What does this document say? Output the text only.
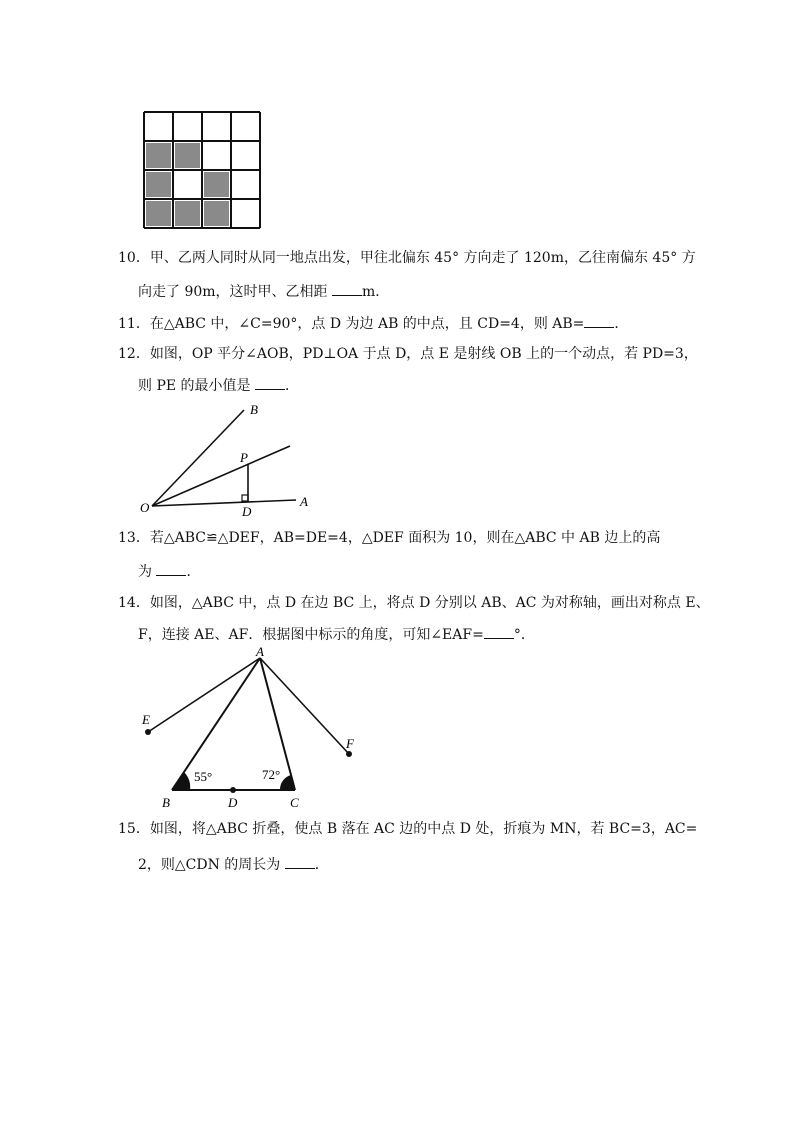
10．甲、乙两人同时从同一地点出发，甲往北偏东 45° 方向走了 120m，乙往南偏东 45° 方
向走了 90m，这时甲、乙相距 m．
11．在△ABC 中，∠C=90°，点 D 为边 AB 的中点，且 CD=4，则 AB= ．
12．如图，OP 平分∠AOB，PD⊥OA 于点 D，点 E 是射线 OB 上的一个动点，若 PD=3，
则 PE 的最小值是 ．
B
P
O	D
A
13．若△ABC≌△DEF，AB=DE=4，△DEF 面积为 10，则在△ABC 中 AB 边上的高
为 ．
14．如图，△ABC 中，点 D 在边 BC 上，将点 D 分别以 AB、AC 为对称轴，画出对称点 E、
F，连接 AE、AF．根据图中标示的角度，可知∠EAF= °．
A
E
F
B	D	C
55°	72°
15．如图，将△ABC 折叠，使点 B 落在 AC 边的中点 D 处，折痕为 MN，若 BC=3，AC=
2，则△CDN 的周长为 ．
